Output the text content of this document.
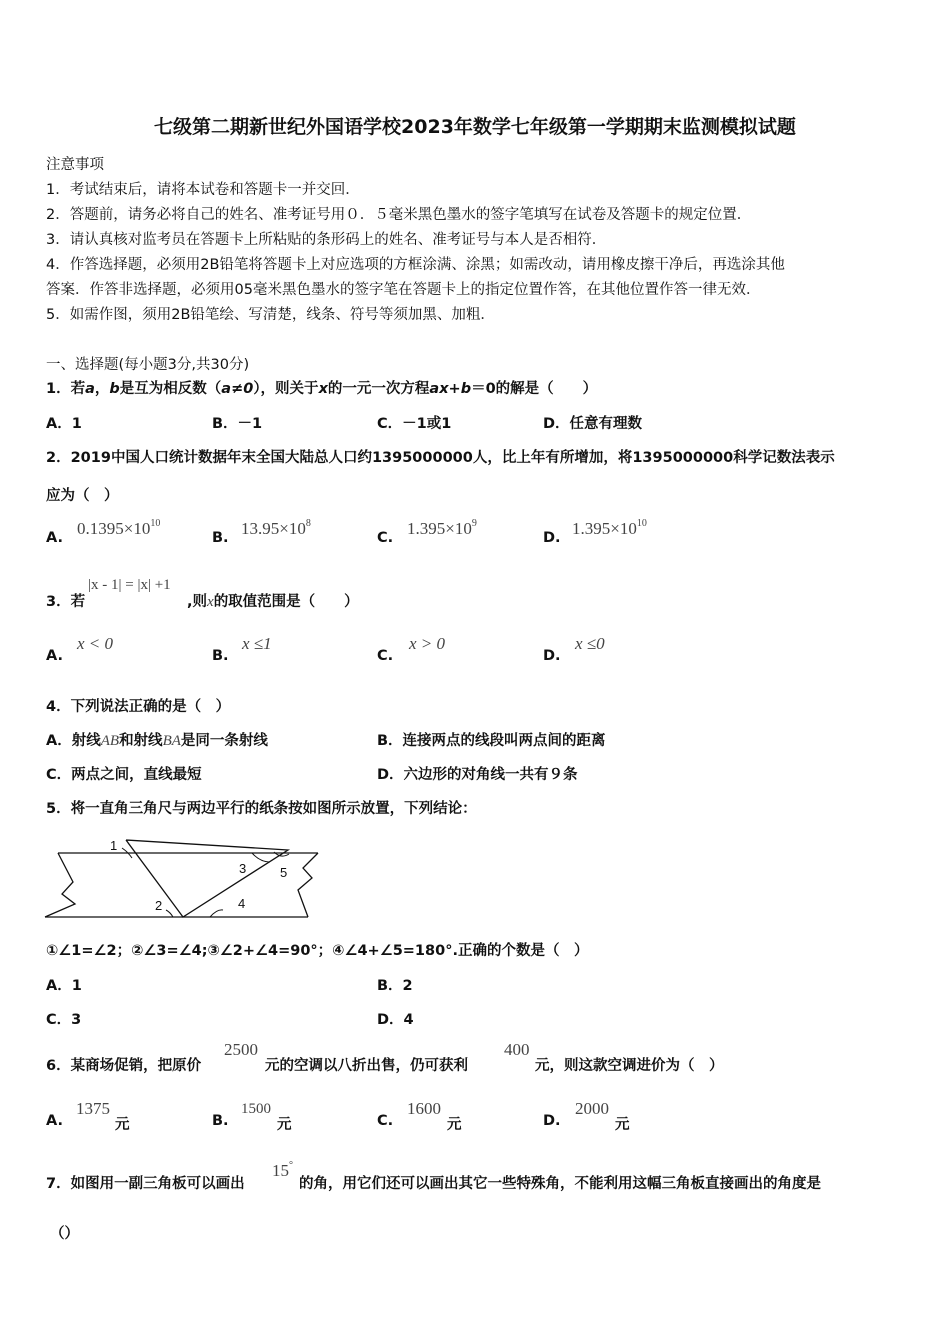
七级第二期新世纪外国语学校2023年数学七年级第一学期期末监测模拟试题
注意事项
1．考试结束后，请将本试卷和答题卡一并交回．
2．答题前，请务必将自己的姓名、准考证号用０．５毫米黑色墨水的签字笔填写在试卷及答题卡的规定位置．
3．请认真核对监考员在答题卡上所粘贴的条形码上的姓名、准考证号与本人是否相符．
4．作答选择题，必须用2B铅笔将答题卡上对应选项的方框涂满、涂黑；如需改动，请用橡皮擦干净后，再选涂其他
答案．作答非选择题，必须用05毫米黑色墨水的签字笔在答题卡上的指定位置作答，在其他位置作答一律无效．
5．如需作图，须用2B铅笔绘、写清楚，线条、符号等须加黑、加粗．
一、选择题(每小题3分,共30分)
1．若a，b是互为相反数（a≠0），则关于x的一元一次方程ax+b＝0的解是（　　）
A．1	B．－1	C．－1或1	D．任意有理数
2．2019中国人口统计数据年末全国大陆总人口约1395000000人，比上年有所增加，将1395000000科学记数法表示
应为（　）
A. $0.1395\times 10^{10}$
B. $13.95\times 10^8$
C. $1.395\times 10^9$
D. $1.395\times 10^{10}$
3．若
|x - 1| = |x| +1
,则x的取值范围是（　　）
A.
x < 0
B.
x ≤1
C.
x > 0
D.
x ≤0
4．下列说法正确的是（　）
A．射线AB和射线BA是同一条射线	B．连接两点的线段叫两点间的距离
C．两点之间，直线最短	D．六边形的对角线一共有９条
5．将一直角三角尺与两边平行的纸条按如图所示放置，下列结论：
1
2
3
4
5
①∠1=∠2；②∠3=∠4;③∠2+∠4=90°；④∠4+∠5=180°.正确的个数是（　）
A．1	B．2
C．3	D．4
6．某商场促销，把原价
2500
元的空调以八折出售，仍可获利
400
元，则这款空调进价为（　）
A.
1375
元	B.
1500
元	C.
1600
元	D.
2000
元
7．如图用一副三角板可以画出
15°
的角，用它们还可以画出其它一些特殊角，不能利用这幅三角板直接画出的角度是
（）
